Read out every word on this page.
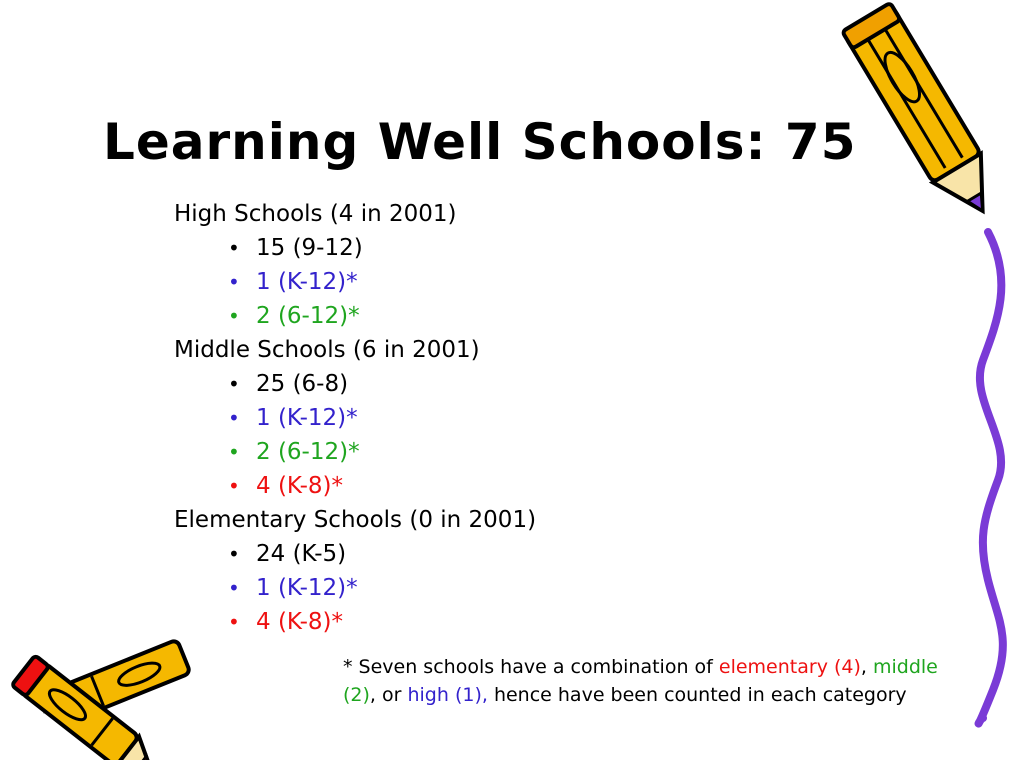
Learning Well Schools: 75
High Schools (4 in 2001)
• 15 (9-12)
• 1 (K-12)*
• 2 (6-12)*
Middle Schools (6 in 2001)
• 25 (6-8)
• 1 (K-12)*
• 2 (6-12)*
• 4 (K-8)*
Elementary Schools (0 in 2001)
• 24 (K-5)
• 1 (K-12)*
• 4 (K-8)*
* Seven schools have a combination of elementary (4), middle (2), or high (1), hence have been counted in each category
